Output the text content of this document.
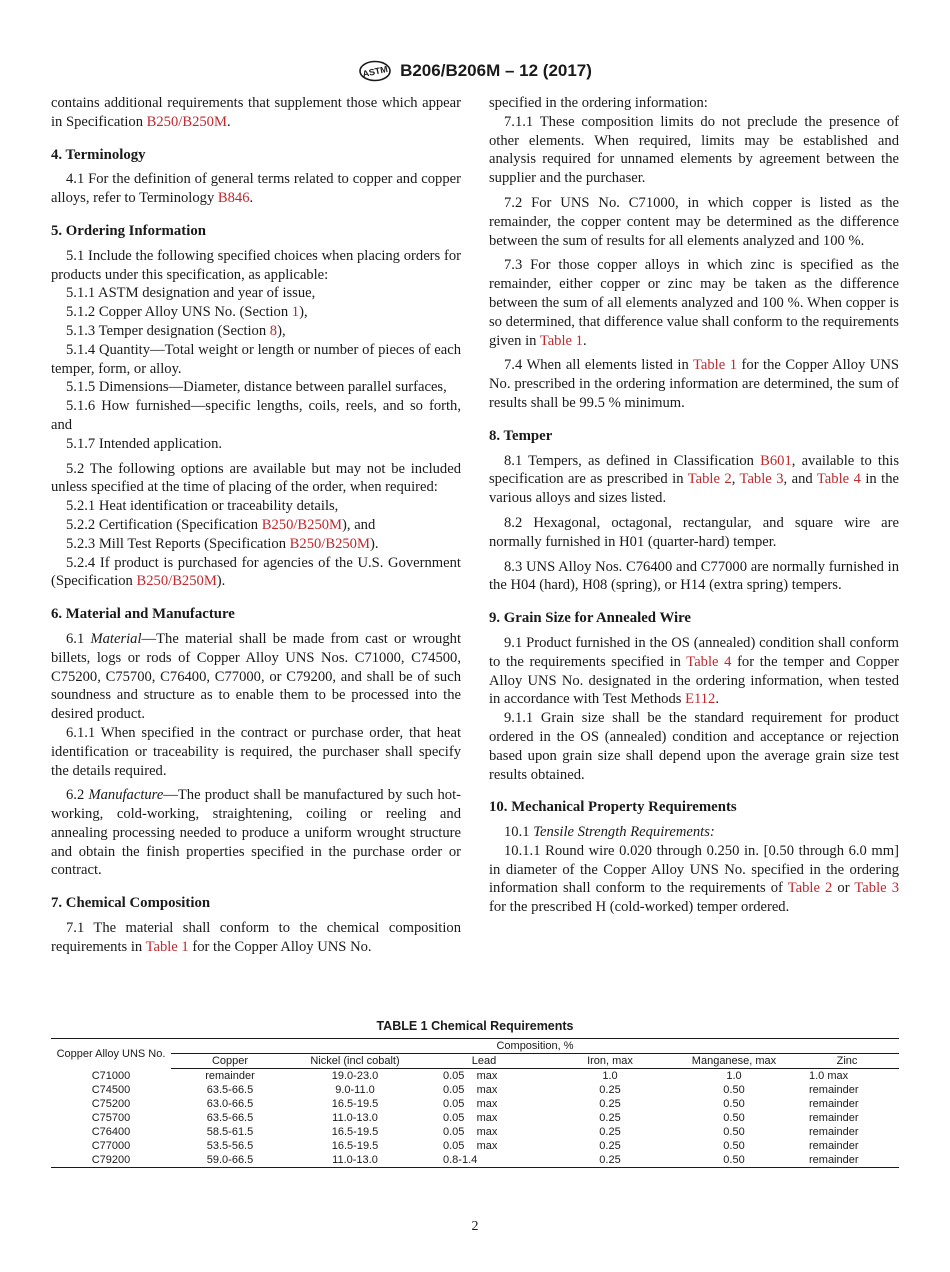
ASTM B206/B206M – 12 (2017)

contains additional requirements that supplement those which appear in Specification B250/B250M.

4. Terminology

4.1 For the definition of general terms related to copper and copper alloys, refer to Terminology B846.

5. Ordering Information

5.1 Include the following specified choices when placing orders for products under this specification, as applicable:

5.1.1 ASTM designation and year of issue,

5.1.2 Copper Alloy UNS No. (Section 1),

5.1.3 Temper designation (Section 8),

5.1.4 Quantity—Total weight or length or number of pieces of each temper, form, or alloy.

5.1.5 Dimensions—Diameter, distance between parallel surfaces,

5.1.6 How furnished—specific lengths, coils, reels, and so forth, and

5.1.7 Intended application.

5.2 The following options are available but may not be included unless specified at the time of placing of the order, when required:

5.2.1 Heat identification or traceability details,

5.2.2 Certification (Specification B250/B250M), and

5.2.3 Mill Test Reports (Specification B250/B250M).

5.2.4 If product is purchased for agencies of the U.S. Government (Specification B250/B250M).

6. Material and Manufacture

6.1 Material—The material shall be made from cast or wrought billets, logs or rods of Copper Alloy UNS Nos. C71000, C74500, C75200, C75700, C76400, C77000, or C79200, and shall be of such soundness and structure as to enable them to be processed into the desired product.

6.1.1 When specified in the contract or purchase order, that heat identification or traceability is required, the purchaser shall specify the details required.

6.2 Manufacture—The product shall be manufactured by such hot-working, cold-working, straightening, coiling or reeling and annealing processing needed to produce a uniform wrought structure and obtain the finish properties specified in the purchase order or contract.

7. Chemical Composition

7.1 The material shall conform to the chemical composition requirements in Table 1 for the Copper Alloy UNS No.

specified in the ordering information:

7.1.1 These composition limits do not preclude the presence of other elements. When required, limits may be established and analysis required for unnamed elements by agreement between the supplier and the purchaser.

7.2 For UNS No. C71000, in which copper is listed as the remainder, the copper content may be determined as the difference between the sum of results for all elements analyzed and 100 %.

7.3 For those copper alloys in which zinc is specified as the remainder, either copper or zinc may be taken as the difference between the sum of all elements analyzed and 100 %. When copper is so determined, that difference value shall conform to the requirements given in Table 1.

7.4 When all elements listed in Table 1 for the Copper Alloy UNS No. prescribed in the ordering information are determined, the sum of results shall be 99.5 % minimum.

8. Temper

8.1 Tempers, as defined in Classification B601, available to this specification are as prescribed in Table 2, Table 3, and Table 4 in the various alloys and sizes listed.

8.2 Hexagonal, octagonal, rectangular, and square wire are normally furnished in H01 (quarter-hard) temper.

8.3 UNS Alloy Nos. C76400 and C77000 are normally furnished in the H04 (hard), H08 (spring), or H14 (extra spring) tempers.

9. Grain Size for Annealed Wire

9.1 Product furnished in the OS (annealed) condition shall conform to the requirements specified in Table 4 for the temper and Copper Alloy UNS No. designated in the ordering information, when tested in accordance with Test Methods E112.

9.1.1 Grain size shall be the standard requirement for product ordered in the OS (annealed) condition and acceptance or rejection based upon grain size shall depend upon the average grain size test results obtained.

10. Mechanical Property Requirements

10.1 Tensile Strength Requirements:

10.1.1 Round wire 0.020 through 0.250 in. [0.50 through 6.0 mm] in diameter of the Copper Alloy UNS No. specified in the ordering information shall conform to the requirements of Table 2 or Table 3 for the prescribed H (cold-worked) temper ordered.

TABLE 1 Chemical Requirements
Copper Alloy UNS No.	Composition, %					
	Copper	Nickel (incl cobalt)	Lead	Iron, max	Manganese, max	Zinc
C71000	remainder	19.0-23.0	0.05    max	1.0	1.0	1.0 max
C74500	63.5-66.5	9.0-11.0	0.05    max	0.25	0.50	remainder
C75200	63.0-66.5	16.5-19.5	0.05    max	0.25	0.50	remainder
C75700	63.5-66.5	11.0-13.0	0.05    max	0.25	0.50	remainder
C76400	58.5-61.5	16.5-19.5	0.05    max	0.25	0.50	remainder
C77000	53.5-56.5	16.5-19.5	0.05    max	0.25	0.50	remainder
C79200	59.0-66.5	11.0-13.0	0.8-1.4	0.25	0.50	remainder
2
